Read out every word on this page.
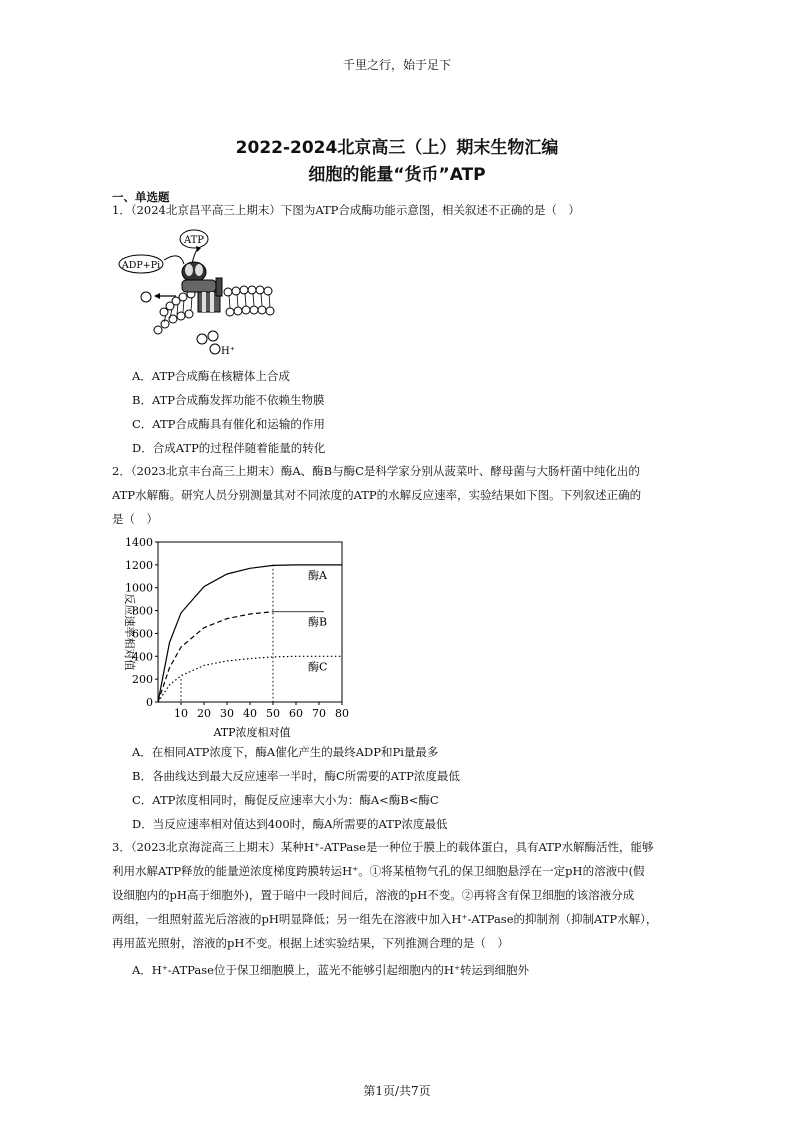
千里之行，始于足下
2022-2024北京高三（上）期末生物汇编
细胞的能量“货币”ATP
一、单选题
1．（2024北京昌平高三上期末）下图为ATP合成酶功能示意图，相关叙述不正确的是（　）
ATP
ADP+Pi
H⁺
A．ATP合成酶在核糖体上合成
B．ATP合成酶发挥功能不依赖生物膜
C．ATP合成酶具有催化和运输的作用
D．合成ATP的过程伴随着能量的转化
2．（2023北京丰台高三上期末）酶A、酶B与酶C是科学家分别从菠菜叶、酵母菌与大肠杆菌中纯化出的
ATP水解酶。研究人员分别测量其对不同浓度的ATP的水解反应速率，实验结果如下图。下列叙述正确的
是（　）
酶A
酶B
酶C
0
200
400
600
800
1000
1200
1400
10 20 30 40 50 60 70 80
反应速率相对值
ATP浓度相对值
A．在相同ATP浓度下，酶A催化产生的最终ADP和Pi量最多
B．各曲线达到最大反应速率一半时，酶C所需要的ATP浓度最低
C．ATP浓度相同时，酶促反应速率大小为：酶A<酶B<酶C
D．当反应速率相对值达到400时，酶A所需要的ATP浓度最低
3．（2023北京海淀高三上期末）某种H⁺-ATPase是一种位于膜上的载体蛋白，具有ATP水解酶活性，能够
利用水解ATP释放的能量逆浓度梯度跨膜转运H⁺。①将某植物气孔的保卫细胞悬浮在一定pH的溶液中(假
设细胞内的pH高于细胞外)，置于暗中一段时间后，溶液的pH不变。②再将含有保卫细胞的该溶液分成
两组，一组照射蓝光后溶液的pH明显降低；另一组先在溶液中加入H⁺-ATPase的抑制剂（抑制ATP水解），
再用蓝光照射，溶液的pH不变。根据上述实验结果，下列推测合理的是（　）
A．H⁺-ATPase位于保卫细胞膜上，蓝光不能够引起细胞内的H⁺转运到细胞外
第1页/共7页
